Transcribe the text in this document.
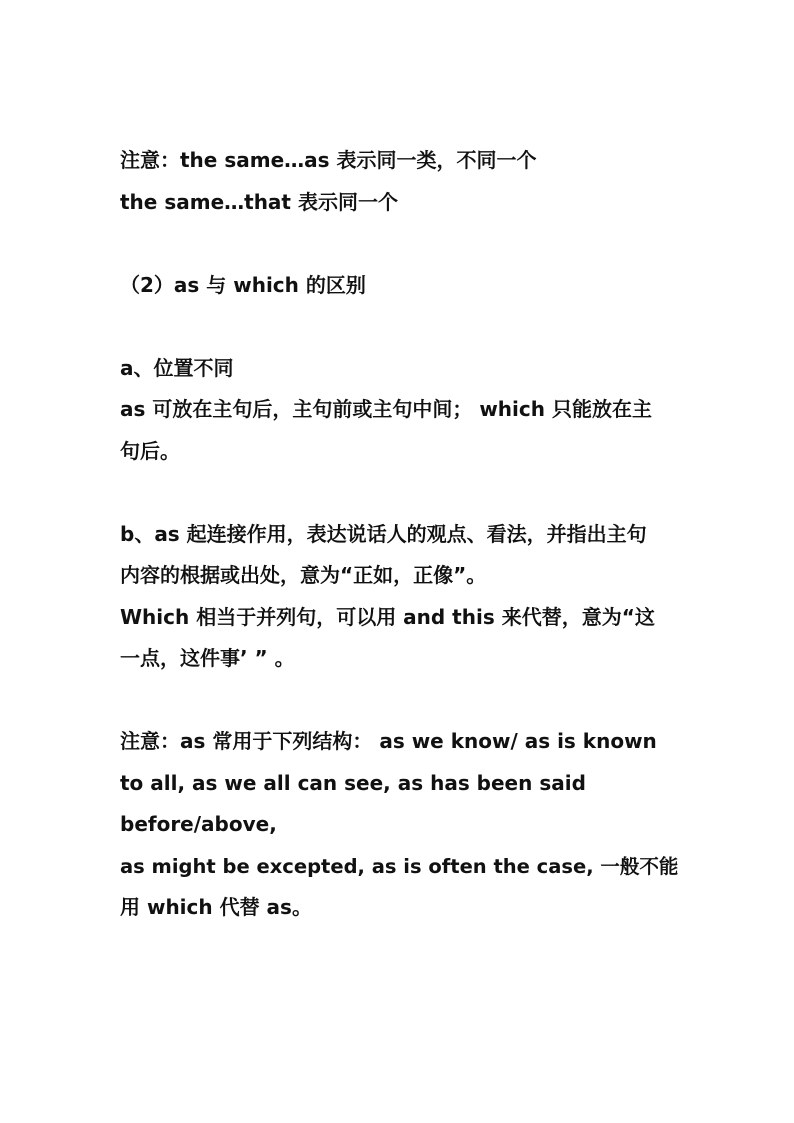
注意：the same…as 表示同一类，不同一个
the same…that 表示同一个
（2）as 与 which 的区别
a、位置不同
as 可放在主句后，主句前或主句中间； which 只能放在主
句后。
b、as 起连接作用，表达说话人的观点、看法，并指出主句
内容的根据或出处，意为“正如，正像”。
Which 相当于并列句，可以用 and this 来代替，意为“这
一点，这件事’ ” 。
注意：as 常用于下列结构： as we know/ as is known
to all, as we all can see, as has been said
before/above,
as might be excepted, as is often the case, 一般不能
用 which 代替 as。
